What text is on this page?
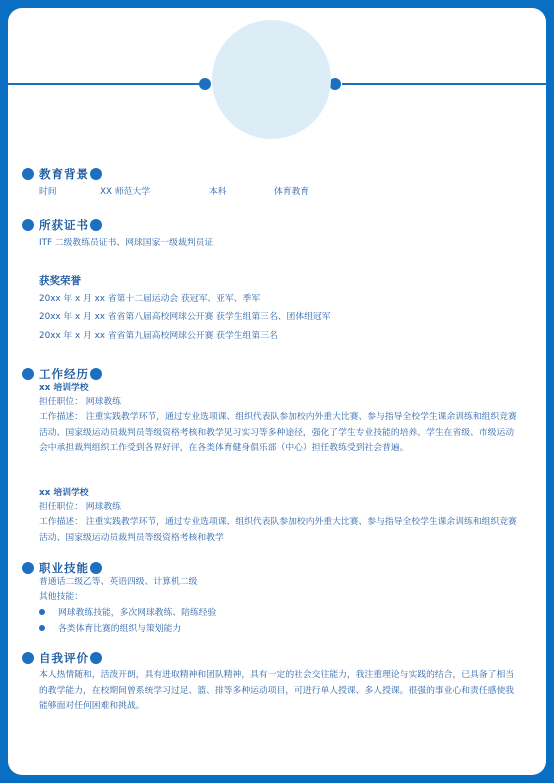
教育背景
时间	XX 师范大学	本科	体育教育
所获证书
ITF 二级教练员证书、网球国家一级裁判员证
获奖荣誉
20xx 年 x 月 xx 省第十二届运动会 获冠军、亚军、季军
20xx 年 x 月 xx 省省第八届高校网球公开赛 获学生组第三名、团体组冠军
20xx 年 x 月 xx 省省第九届高校网球公开赛 获学生组第三名
工作经历
xx 培训学校
担任职位： 网球教练
工作描述： 注重实践教学环节，通过专业选项课、组织代表队参加校内外重大比赛、参与指导全校学生课余训练和组织竞赛活动、国家级运动员裁判员等级资格考核和教学见习实习等多种途径，强化了学生专业技能的培养。学生在省级、市级运动会中承担裁判组织工作受到各界好评，在各类体育健身俱乐部（中心）担任教练受到社会普遍。
xx 培训学校
担任职位： 网球教练
工作描述： 注重实践教学环节，通过专业选项课、组织代表队参加校内外重大比赛、参与指导全校学生课余训练和组织竞赛活动、国家级运动员裁判员等级资格考核和教学
职业技能
普通话二级乙等、英语四级、计算机二级
其他技能：
网球教练技能，多次网球教练、陪练经验
各类体育比赛的组织与策划能力
自我评价
本人热情随和，活泼开朗，具有进取精神和团队精神，具有一定的社会交往能力，我注重理论与实践的结合，已具备了相当的教学能力，在校期间曾系统学习过足、篮、排等多种运动项目，可进行单人授课、多人授课。很强的事业心和责任感使我能够面对任何困难和挑战。
